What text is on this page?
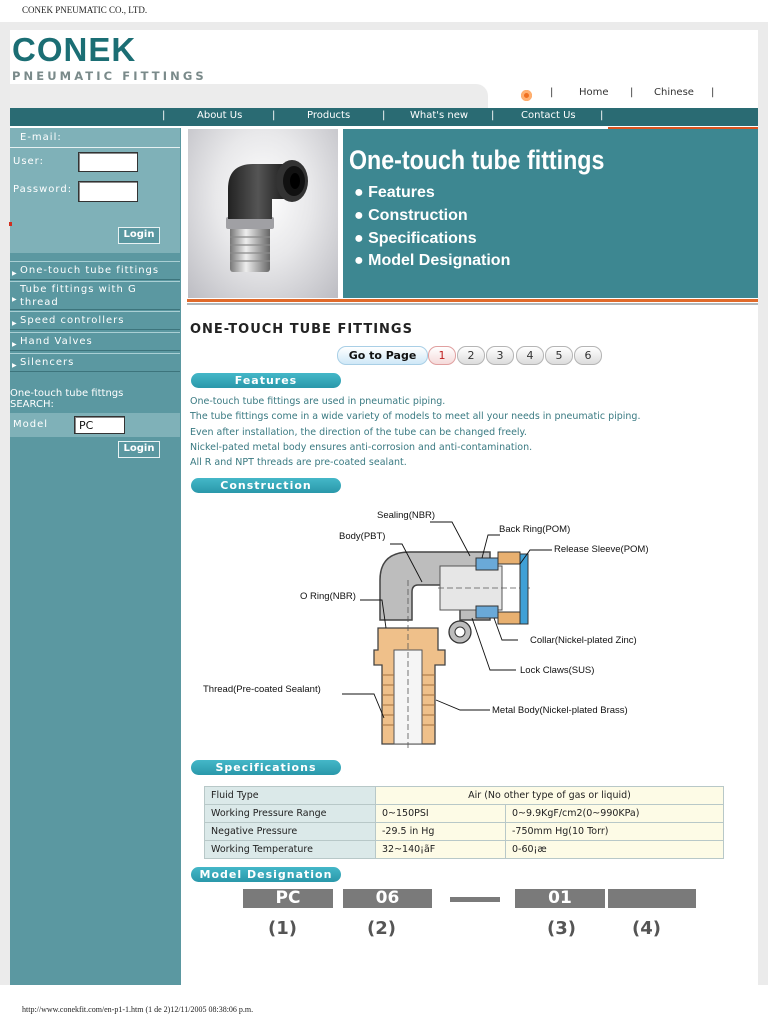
CONEK PNEUMATIC CO., LTD.
CONEK
PNEUMATIC FITTINGS
|	Home | Chinese |
|	About Us	|	Products	| What's new |	Contact Us |
E-mail:
User:
Password:
Login
▶ One-touch tube fittings
▶
Tube fittings with G thread
▶ Speed controllers
▶ Hand Valves
▶ Silencers
One-touch tube fittngs SEARCH:
Model	PC
Login
One-touch tube fittings
● Features
● Construction
● Specifications
● Model Designation
ONE-TOUCH TUBE FITTINGS
Go to Page	1	2	3	4	5	6
Features
One-touch tube fittings are used in pneumatic piping.
The tube fittings come in a wide variety of models to meet all your needs in pneumatic piping.
Even after installation, the direction of the tube can be changed freely.
Nickel-pated metal body ensures anti-corrosion and anti-contamination.
All R and NPT threads are pre-coated sealant.
Construction
Sealing(NBR)
Back Ring(POM)
Body(PBT)
Release Sleeve(POM)
O Ring(NBR)
Collar(Nickel-plated Zinc)
Lock Claws(SUS)
Thread(Pre-coated Sealant)
Metal Body(Nickel-plated Brass)
Specifications
Fluid Type	Air (No other type of gas or liquid)	
Working Pressure Range	0~150PSI	0~9.9KgF/cm2(0~990KPa)
Negative Pressure	-29.5 in Hg	-750mm Hg(10 Torr)
Working Temperature	32~140¡ãF	0-60¡æ
Model Designation
PC	06	01
(1)	(2)	(3)	(4)
http://www.conekfit.com/en-p1-1.htm (1 de 2)12/11/2005 08:38:06 p.m.
